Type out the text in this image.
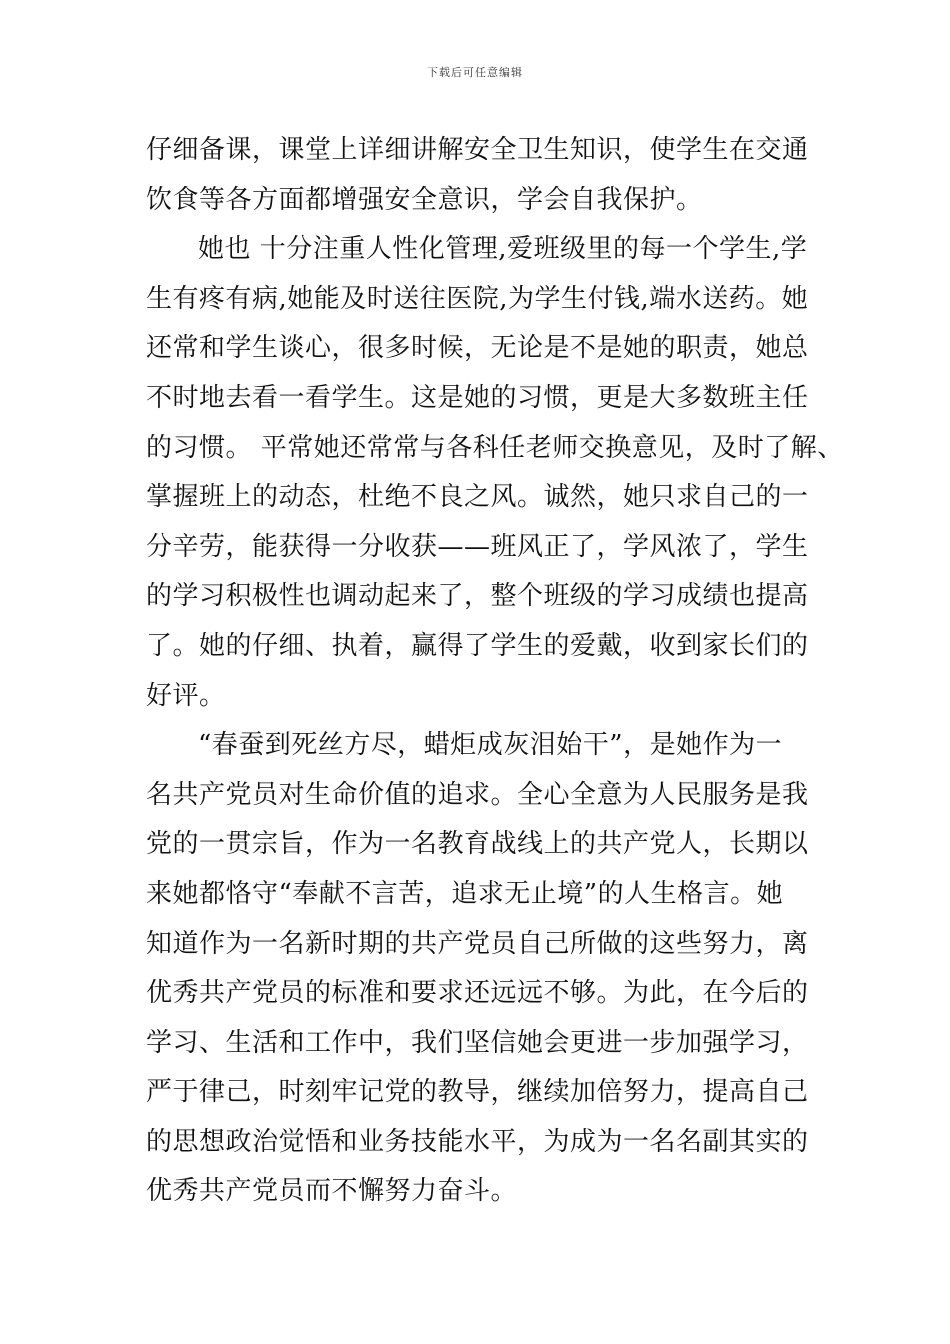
下载后可任意编辑
仔细备课，课堂上详细讲解安全卫生知识，使学生在交通
饮食等各方面都增强安全意识，学会自我保护。
她也 十分注重人性化管理,爱班级里的每一个学生,学
生有疼有病,她能及时送往医院,为学生付钱,端水送药。她
还常和学生谈心，很多时候，无论是不是她的职责，她总
不时地去看一看学生。这是她的习惯，更是大多数班主任
的习惯。 平常她还常常与各科任老师交换意见，及时了解、
掌握班上的动态，杜绝不良之风。诚然，她只求自己的一
分辛劳，能获得一分收获——班风正了，学风浓了，学生
的学习积极性也调动起来了，整个班级的学习成绩也提高
了。她的仔细、执着，赢得了学生的爱戴，收到家长们的
好评。
“春蚕到死丝方尽，蜡炬成灰泪始干”，是她作为一
名共产党员对生命价值的追求。全心全意为人民服务是我
党的一贯宗旨，作为一名教育战线上的共产党人，长期以
来她都恪守“奉献不言苦，追求无止境”的人生格言。她
知道作为一名新时期的共产党员自己所做的这些努力，离
优秀共产党员的标准和要求还远远不够。为此，在今后的
学习、生活和工作中，我们坚信她会更进一步加强学习，
严于律己，时刻牢记党的教导，继续加倍努力，提高自己
的思想政治觉悟和业务技能水平，为成为一名名副其实的
优秀共产党员而不懈努力奋斗。
